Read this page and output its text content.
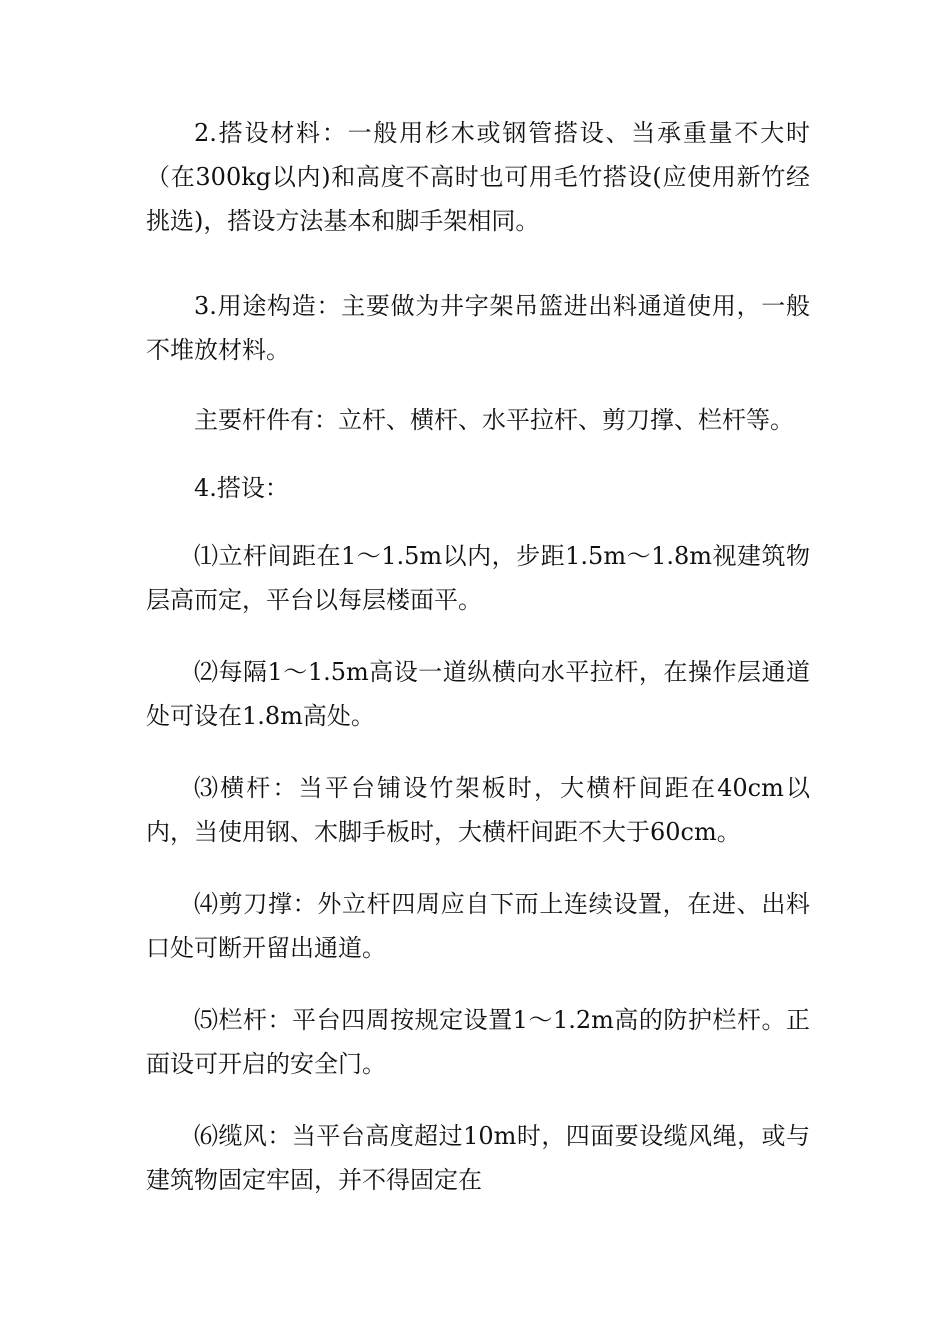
2.搭设材料：一般用杉木或钢管搭设、当承重量不大时（在300kg以内)和高度不高时也可用毛竹搭设(应使用新竹经挑选)，搭设方法基本和脚手架相同。

3.用途构造：主要做为井字架吊篮进出料通道使用，一般不堆放材料。

主要杆件有：立杆、横杆、水平拉杆、剪刀撑、栏杆等。

4.搭设：

⑴立杆间距在1～1.5m以内，步距1.5m～1.8m视建筑物层高而定，平台以每层楼面平。

⑵每隔1～1.5m高设一道纵横向水平拉杆，在操作层通道处可设在1.8m高处。

⑶横杆：当平台铺设竹架板时，大横杆间距在40cm以内，当使用钢、木脚手板时，大横杆间距不大于60cm。

⑷剪刀撑：外立杆四周应自下而上连续设置，在进、出料口处可断开留出通道。

⑸栏杆：平台四周按规定设置1～1.2m高的防护栏杆。正面设可开启的安全门。

⑹缆风：当平台高度超过10m时，四面要设缆风绳，或与建筑物固定牢固，并不得固定在
